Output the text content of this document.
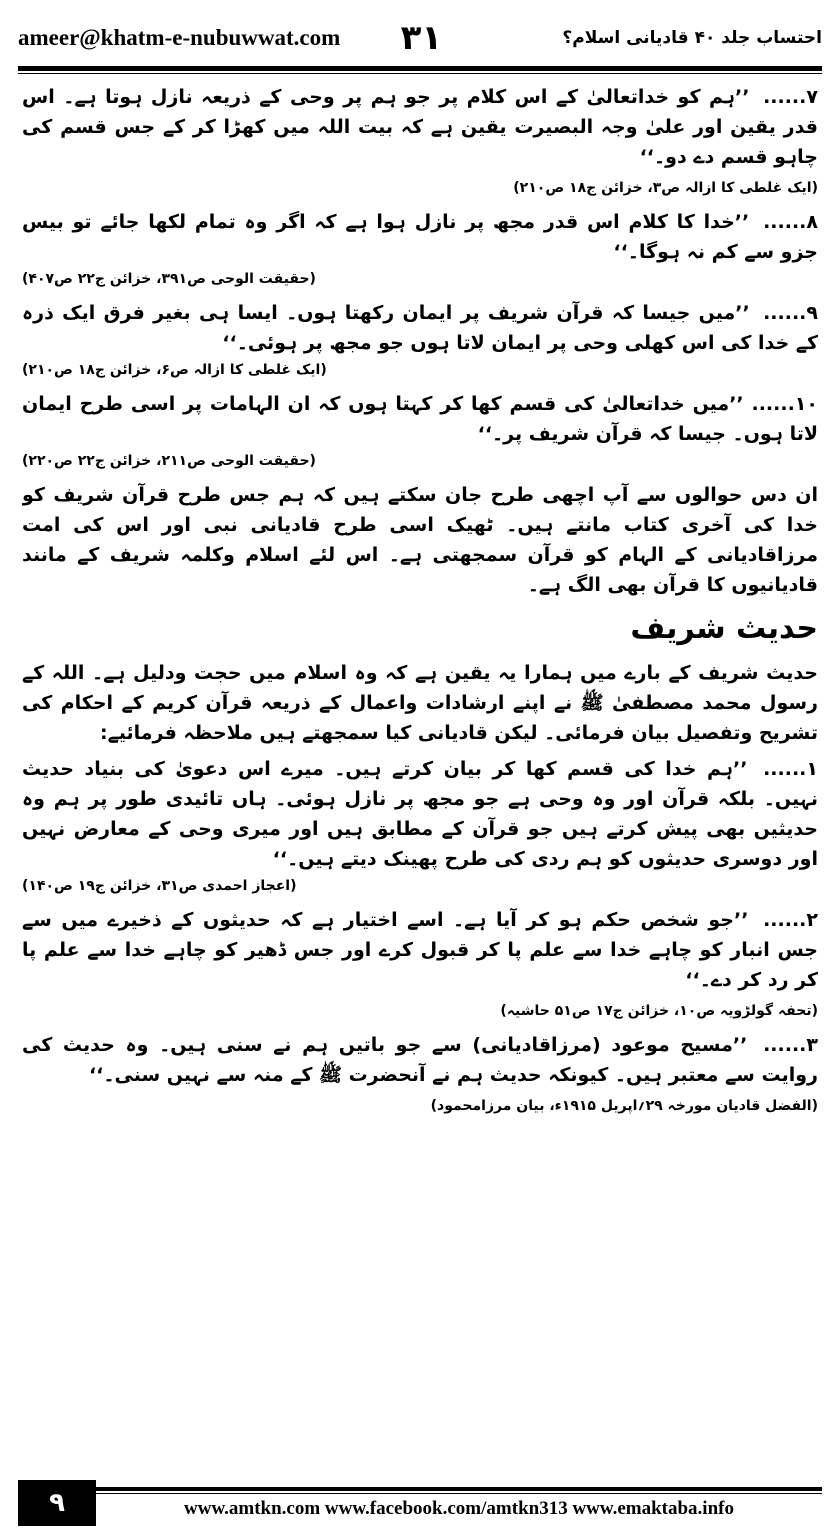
ameer@khatm-e-nubuwwat.com ۳۱	احتساب جلد ۴۰ قادیانی اسلام؟
۷...... ’’ہم کو خداتعالیٰ کے اس کلام پر جو ہم پر وحی کے ذریعہ نازل ہوتا ہے۔ اس قدر یقین اور علیٰ وجہ البصیرت یقین ہے کہ بیت اللہ میں کھڑا کر کے جس قسم کی چاہو قسم دے دو۔‘‘
(ایک غلطی کا ازالہ ص۳، خزائن ج۱۸ ص۲۱۰)
۸...... ’’خدا کا کلام اس قدر مجھ پر نازل ہوا ہے کہ اگر وہ تمام لکھا جائے تو بیس جزو سے کم نہ ہوگا۔‘‘
(حقیقت الوحی ص۳۹۱، خزائن ج۲۲ ص۴۰۷)
۹...... ’’میں جیسا کہ قرآن شریف پر ایمان رکھتا ہوں۔ ایسا ہی بغیر فرق ایک ذرہ کے خدا کی اس کھلی وحی پر ایمان لاتا ہوں جو مجھ پر ہوئی۔‘‘
(ایک غلطی کا ازالہ ص۶، خزائن ج۱۸ ص۲۱۰)
۱۰...... ’’میں خداتعالیٰ کی قسم کھا کر کہتا ہوں کہ ان الہامات پر اسی طرح ایمان لاتا ہوں۔ جیسا کہ قرآن شریف پر۔‘‘
(حقیقت الوحی ص۲۱۱، خزائن ج۲۲ ص۲۲۰)
ان دس حوالوں سے آپ اچھی طرح جان سکتے ہیں کہ ہم جس طرح قرآن شریف کو خدا کی آخری کتاب مانتے ہیں۔ ٹھیک اسی طرح قادیانی نبی اور اس کی امت مرزاقادیانی کے الہام کو قرآن سمجھتی ہے۔ اس لئے اسلام وکلمہ شریف کے مانند قادیانیوں کا قرآن بھی الگ ہے۔
حدیث شریف
حدیث شریف کے بارے میں ہمارا یہ یقین ہے کہ وہ اسلام میں حجت ودلیل ہے۔ اللہ کے رسول محمد مصطفیٰ ﷺ نے اپنے ارشادات واعمال کے ذریعہ قرآن کریم کے احکام کی تشریح وتفصیل بیان فرمائی۔ لیکن قادیانی کیا سمجھتے ہیں ملاحظہ فرمائیے:
۱...... ’’ہم خدا کی قسم کھا کر بیان کرتے ہیں۔ میرے اس دعویٰ کی بنیاد حدیث نہیں۔ بلکہ قرآن اور وہ وحی ہے جو مجھ پر نازل ہوئی۔ ہاں تائیدی طور پر ہم وہ حدیثیں بھی پیش کرتے ہیں جو قرآن کے مطابق ہیں اور میری وحی کے معارض نہیں اور دوسری حدیثوں کو ہم ردی کی طرح پھینک دیتے ہیں۔‘‘
(اعجاز احمدی ص۳۱، خزائن ج۱۹ ص۱۴۰)
۲...... ’’جو شخص حکم ہو کر آیا ہے۔ اسے اختیار ہے کہ حدیثوں کے ذخیرے میں سے جس انبار کو چاہے خدا سے علم پا کر قبول کرے اور جس ڈھیر کو چاہے خدا سے علم پا کر رد کر دے۔‘‘
(تحفہ گولڑویہ ص۱۰، خزائن ج۱۷ ص۵۱ حاشیہ)
۳...... ’’مسیح موعود (مرزاقادیانی) سے جو باتیں ہم نے سنی ہیں۔ وہ حدیث کی روایت سے معتبر ہیں۔ کیونکہ حدیث ہم نے آنحضرت ﷺ کے منہ سے نہیں سنی۔‘‘
(الفضل قادیان مورخہ ۲۹؍اپریل ۱۹۱۵ء، بیان مرزامحمود)
۹	www.amtkn.com www.facebook.com/amtkn313 www.emaktaba.info
